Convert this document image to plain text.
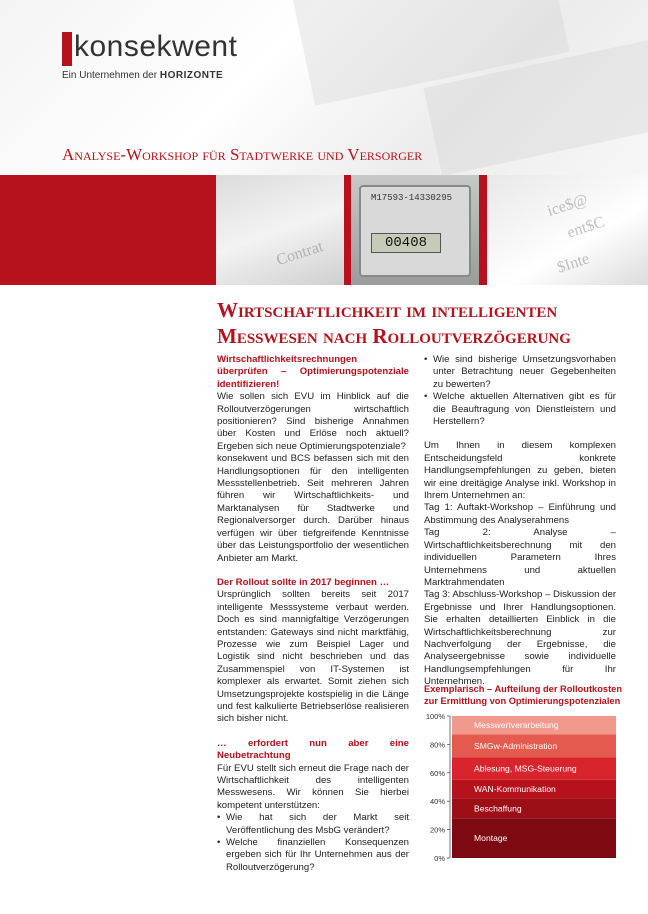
konsekwent
Ein Unternehmen der HORIZONTE
Analyse-Workshop für Stadtwerke und Versorger
Contrat
M17593-14330295
00408
ice$@
ent$C
$Inte
Wirtschaftlichkeit im intelligenten
Messwesen nach Rolloutverzögerung

Wirtschaftlichkeitsrechnungen überprüfen – Optimierungspotenziale identifizieren!

Wie sollen sich EVU im Hinblick auf die Rolloutverzögerungen wirtschaftlich positionieren? Sind bisherige Annahmen über Kosten und Erlöse noch aktuell? Ergeben sich neue Optimierungspotenziale?

konsekwent und BCS befassen sich mit den Handlungsoptionen für den intelligenten Messstellenbetrieb. Seit mehreren Jahren führen wir Wirtschaftlichkeits- und Marktanalysen für Stadtwerke und Regionalversorger durch. Darüber hinaus verfügen wir über tiefgreifende Kenntnisse über das Leistungsportfolio der wesentlichen Anbieter am Markt.

Der Rollout sollte in 2017 beginnen …

Ursprünglich sollten bereits seit 2017 intelligente Messsysteme verbaut werden. Doch es sind mannigfaltige Verzögerungen entstanden: Gateways sind nicht marktfähig, Prozesse wie zum Beispiel Lager und Logistik sind nicht beschrieben und das Zusammenspiel von IT-Systemen ist komplexer als erwartet. Somit ziehen sich Umsetzungsprojekte kostspielig in die Länge und fest kalkulierte Betriebserlöse realisieren sich bisher nicht.

… erfordert nun aber eine Neubetrachtung

Für EVU stellt sich erneut die Frage nach der Wirtschaftlichkeit des intelligenten Messwesens. Wir können Sie hierbei kompetent unterstützen:

• Wie hat sich der Markt seit Veröffentlichung des MsbG verändert?
• Welche finanziellen Konsequenzen ergeben sich für Ihr Unternehmen aus der Rolloutverzögerung?
• Wie sind bisherige Umsetzungsvorhaben unter Betrachtung neuer Gegebenheiten zu bewerten?
• Welche aktuellen Alternativen gibt es für die Beauftragung von Dienstleistern und Herstellern?

Um Ihnen in diesem komplexen Entscheidungsfeld konkrete Handlungsempfehlungen zu geben, bieten wir eine dreitägige Analyse inkl. Workshop in Ihrem Unternehmen an:

Tag 1: Auftakt-Workshop – Einführung und Abstimmung des Analyserahmens

Tag 2: Analyse – Wirtschaftlichkeitsberechnung mit den individuellen Parametern Ihres Unternehmens und aktuellen Marktrahmendaten

Tag 3: Abschluss-Workshop – Diskussion der Ergebnisse und Ihrer Handlungsoptionen. Sie erhalten detaillierten Einblick in die Wirtschaftlichkeitsberechnung zur Nachverfolgung der Ergebnisse, die Analyseergebnisse sowie individuelle Handlungsempfehlungen für Ihr Unternehmen.

Exemplarisch – Aufteilung der Rolloutkosten
zur Ermittlung von Optimierungspotenzialen
0%
20%
40%
60%
80%
100%
Montage
Beschaffung
WAN-Kommunikation
Ablesung, MSG-Steuerung
SMGw-Administration
Messwertverarbeitung
